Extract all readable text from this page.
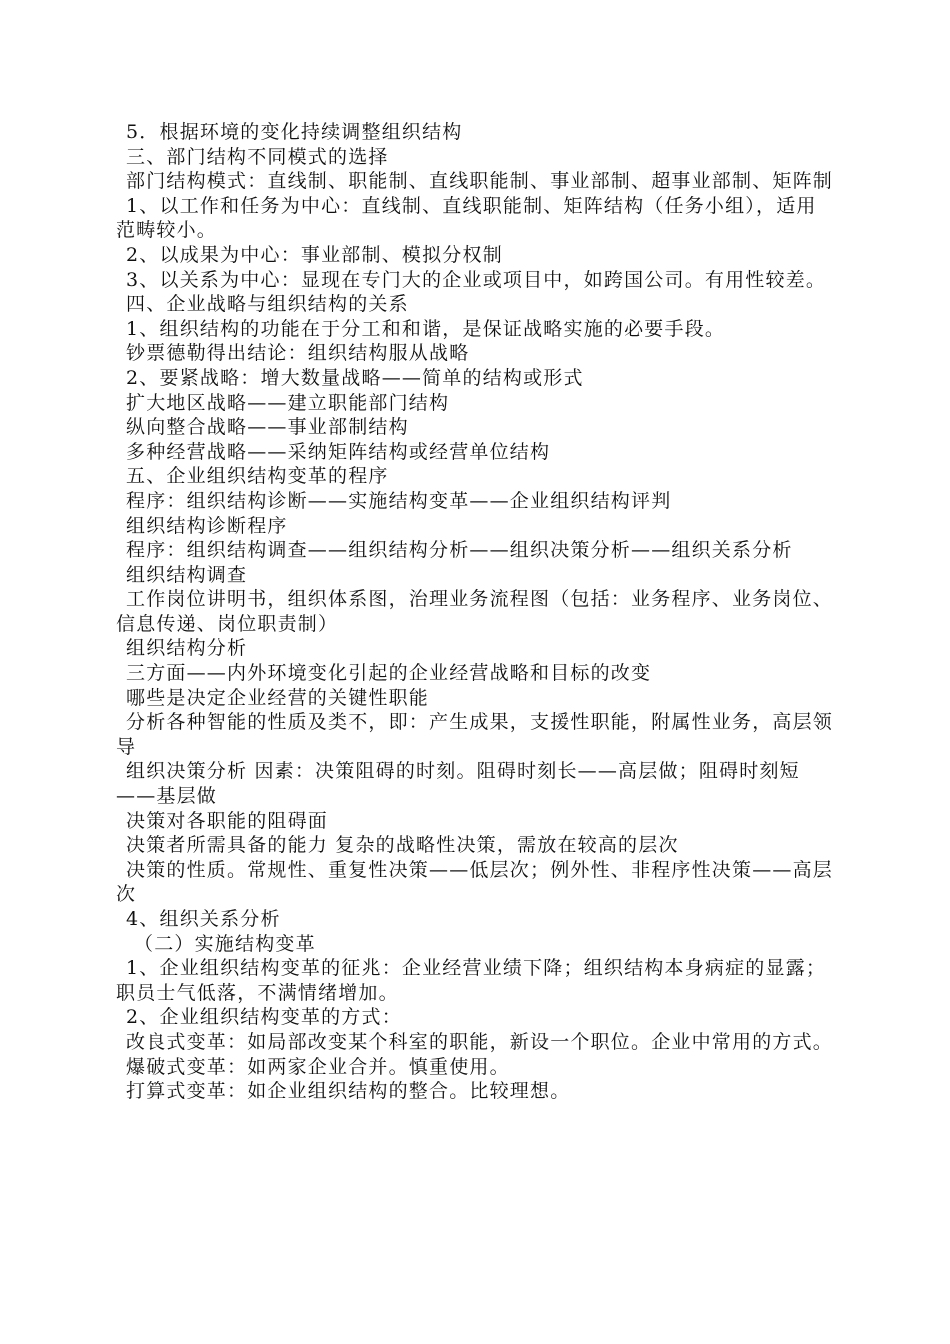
5．根据环境的变化持续调整组织结构

三、部门结构不同模式的选择

部门结构模式：直线制、职能制、直线职能制、事业部制、超事业部制、矩阵制

1、以工作和任务为中心：直线制、直线职能制、矩阵结构（任务小组），适用范畴较小。

2、以成果为中心：事业部制、模拟分权制

3、以关系为中心：显现在专门大的企业或项目中，如跨国公司。有用性较差。

四、企业战略与组织结构的关系

1、组织结构的功能在于分工和和谐，是保证战略实施的必要手段。

钞票德勒得出结论：组织结构服从战略

2、要紧战略：增大数量战略——简单的结构或形式

扩大地区战略——建立职能部门结构

纵向整合战略——事业部制结构

多种经营战略——采纳矩阵结构或经营单位结构

五、企业组织结构变革的程序

程序：组织结构诊断——实施结构变革——企业组织结构评判

组织结构诊断程序

程序：组织结构调查——组织结构分析——组织决策分析——组织关系分析

组织结构调查

工作岗位讲明书，组织体系图，治理业务流程图（包括：业务程序、业务岗位、信息传递、岗位职责制）

组织结构分析

三方面——内外环境变化引起的企业经营战略和目标的改变

哪些是决定企业经营的关键性职能

分析各种智能的性质及类不，即：产生成果，支援性职能，附属性业务，高层领导

组织决策分析 因素：决策阻碍的时刻。阻碍时刻长——高层做；阻碍时刻短——基层做

决策对各职能的阻碍面

决策者所需具备的能力 复杂的战略性决策，需放在较高的层次

决策的性质。常规性、重复性决策——低层次；例外性、非程序性决策——高层次

4、组织关系分析

（二）实施结构变革

1、企业组织结构变革的征兆：企业经营业绩下降；组织结构本身病症的显露；职员士气低落，不满情绪增加。

2、企业组织结构变革的方式：

改良式变革：如局部改变某个科室的职能，新设一个职位。企业中常用的方式。

爆破式变革：如两家企业合并。慎重使用。

打算式变革：如企业组织结构的整合。比较理想。
